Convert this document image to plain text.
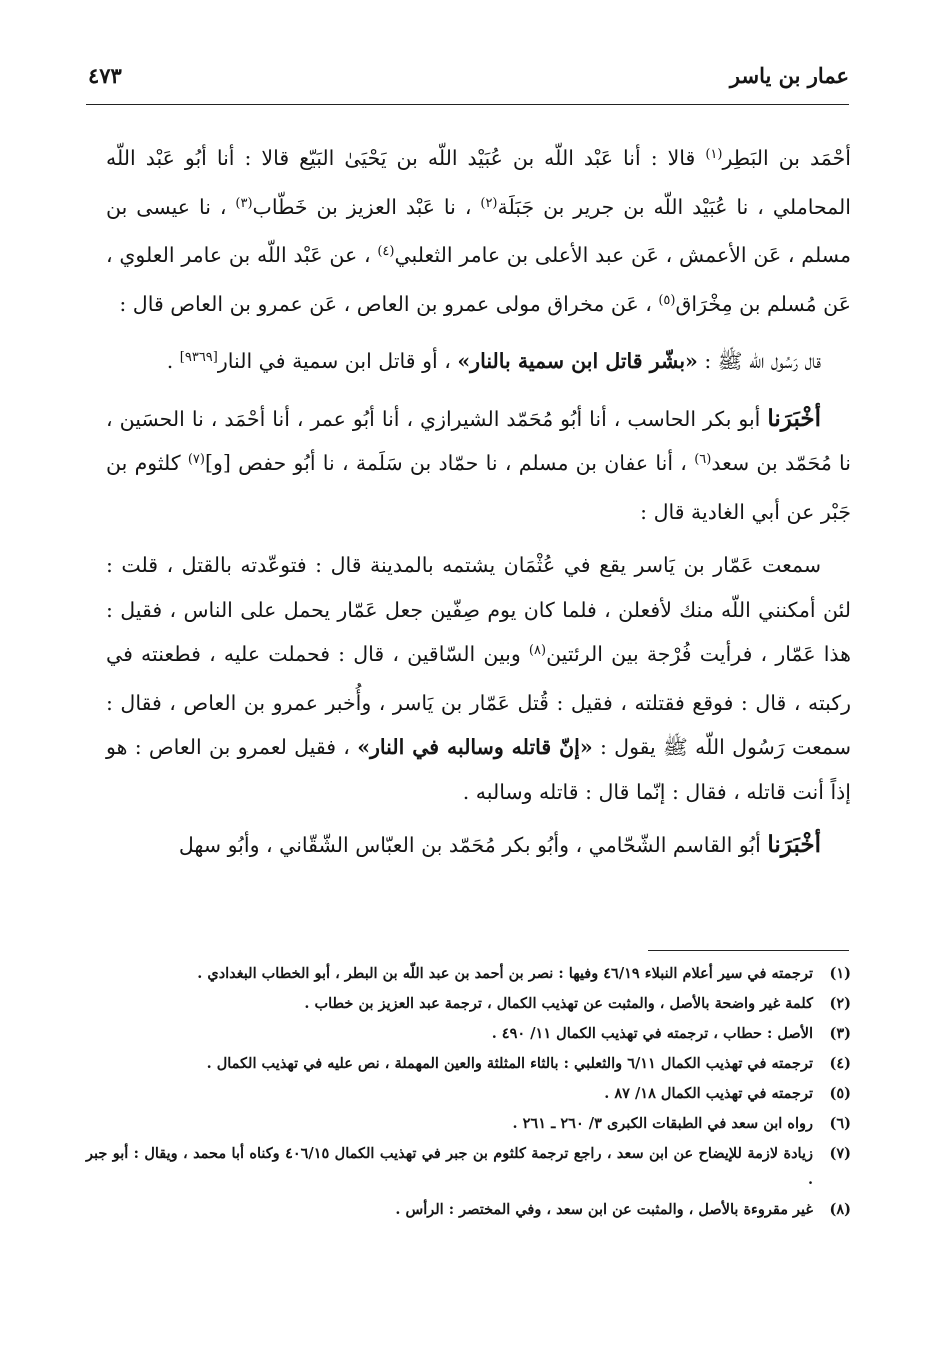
عمار بن ياسر
٤٧٣

أحْمَد بن البَطِر$^{(١)}$ قالا : أنا عَبْد اللّه بن عُبَيْد اللّه بن يَحْيَىٰ البَيّع قالا : أنا أبُو عَبْد اللّه المحاملي ، نا عُبَيْد اللّه بن جرير بن جَبَلَة$^{(٢)}$ ، نا عَبْد العزيز بن خَطّاب$^{(٣)}$ ، نا عيسى بن مسلم ، عَن الأعمش ، عَن عبد الأعلى بن عامر الثعلبي$^{(٤)}$ ، عن عَبْد اللّه بن عامر العلوي ، عَن مُسلم بن مِخْرَاق$^{(٥)}$ ، عَن مخراق مولى عمرو بن العاص ، عَن عمرو بن العاص قال :

قال رَسُول اللّه ﷺ : «بشّر قاتل ابن سمية بالنار» ، أو قاتل ابن سمية في النار[٩٣٦٩] .

أخْبَرَنا أبو بكر الحاسب ، أنا أبُو مُحَمّد الشيرازي ، أنا أبُو عمر ، أنا أحْمَد ، نا الحسَين ، نا مُحَمّد بن سعد$^{(٦)}$ ، أنا عفان بن مسلم ، نا حمّاد بن سَلَمة ، نا أبُو حفص [و]$^{(٧)}$ كلثوم بن جَبْر عن أبي الغادية قال :

سمعت عَمّار بن يَاسر يقع في عُثْمَان يشتمه بالمدينة قال : فتوعّدته بالقتل ، قلت : لئن أمكنني اللّه منك لأفعلن ، فلما كان يوم صِفّين جعل عَمّار يحمل على الناس ، فقيل : هذا عَمّار ، فرأيت فُرْجة بين الرئتين$^{(٨)}$ وبين السّاقين ، قال : فحملت عليه ، فطعنته في ركبته ، قال : فوقع فقتلته ، فقيل : قُتل عَمّار بن يَاسر ، وأُخبر عمرو بن العاص ، فقال : سمعت رَسُول اللّه ﷺ يقول : «إنّ قاتله وسالبه في النار» ، فقيل لعمرو بن العاص : هو إذاً أنت قاتله ، فقال : إنّما قال : قاتله وسالبه .

أخْبَرَنا أبُو القاسم الشّحّامي ، وأبُو بكر مُحَمّد بن العبّاس الشّقّاني ، وأبُو سهل

(١)
ترجمته في سير أعلام النبلاء ٤٦/١٩ وفيها : نصر بن أحمد بن عبد اللّه بن البطر ، أبو الخطاب البغدادي .
(٢)
كلمة غير واضحة بالأصل ، والمثبت عن تهذيب الكمال ، ترجمة عبد العزيز بن خطاب .
(٣)
الأصل : حطاب ، ترجمته في تهذيب الكمال ١١/ ٤٩٠ .
(٤)
ترجمته في تهذيب الكمال ٦/١١ والثعلبي : بالثاء المثلثة والعين المهملة ، نص عليه في تهذيب الكمال .
(٥)
ترجمته في تهذيب الكمال ١٨/ ٨٧ .
(٦)
رواه ابن سعد في الطبقات الكبرى ٣/ ٢٦٠ ـ ٢٦١ .
(٧)
زيادة لازمة للإيضاح عن ابن سعد ، راجع ترجمة كلثوم بن جبر في تهذيب الكمال ٤٠٦/١٥ وكناه أبا محمد ، ويقال : أبو جبر .
(٨)
غير مقروءة بالأصل ، والمثبت عن ابن سعد ، وفي المختصر : الرأس .
